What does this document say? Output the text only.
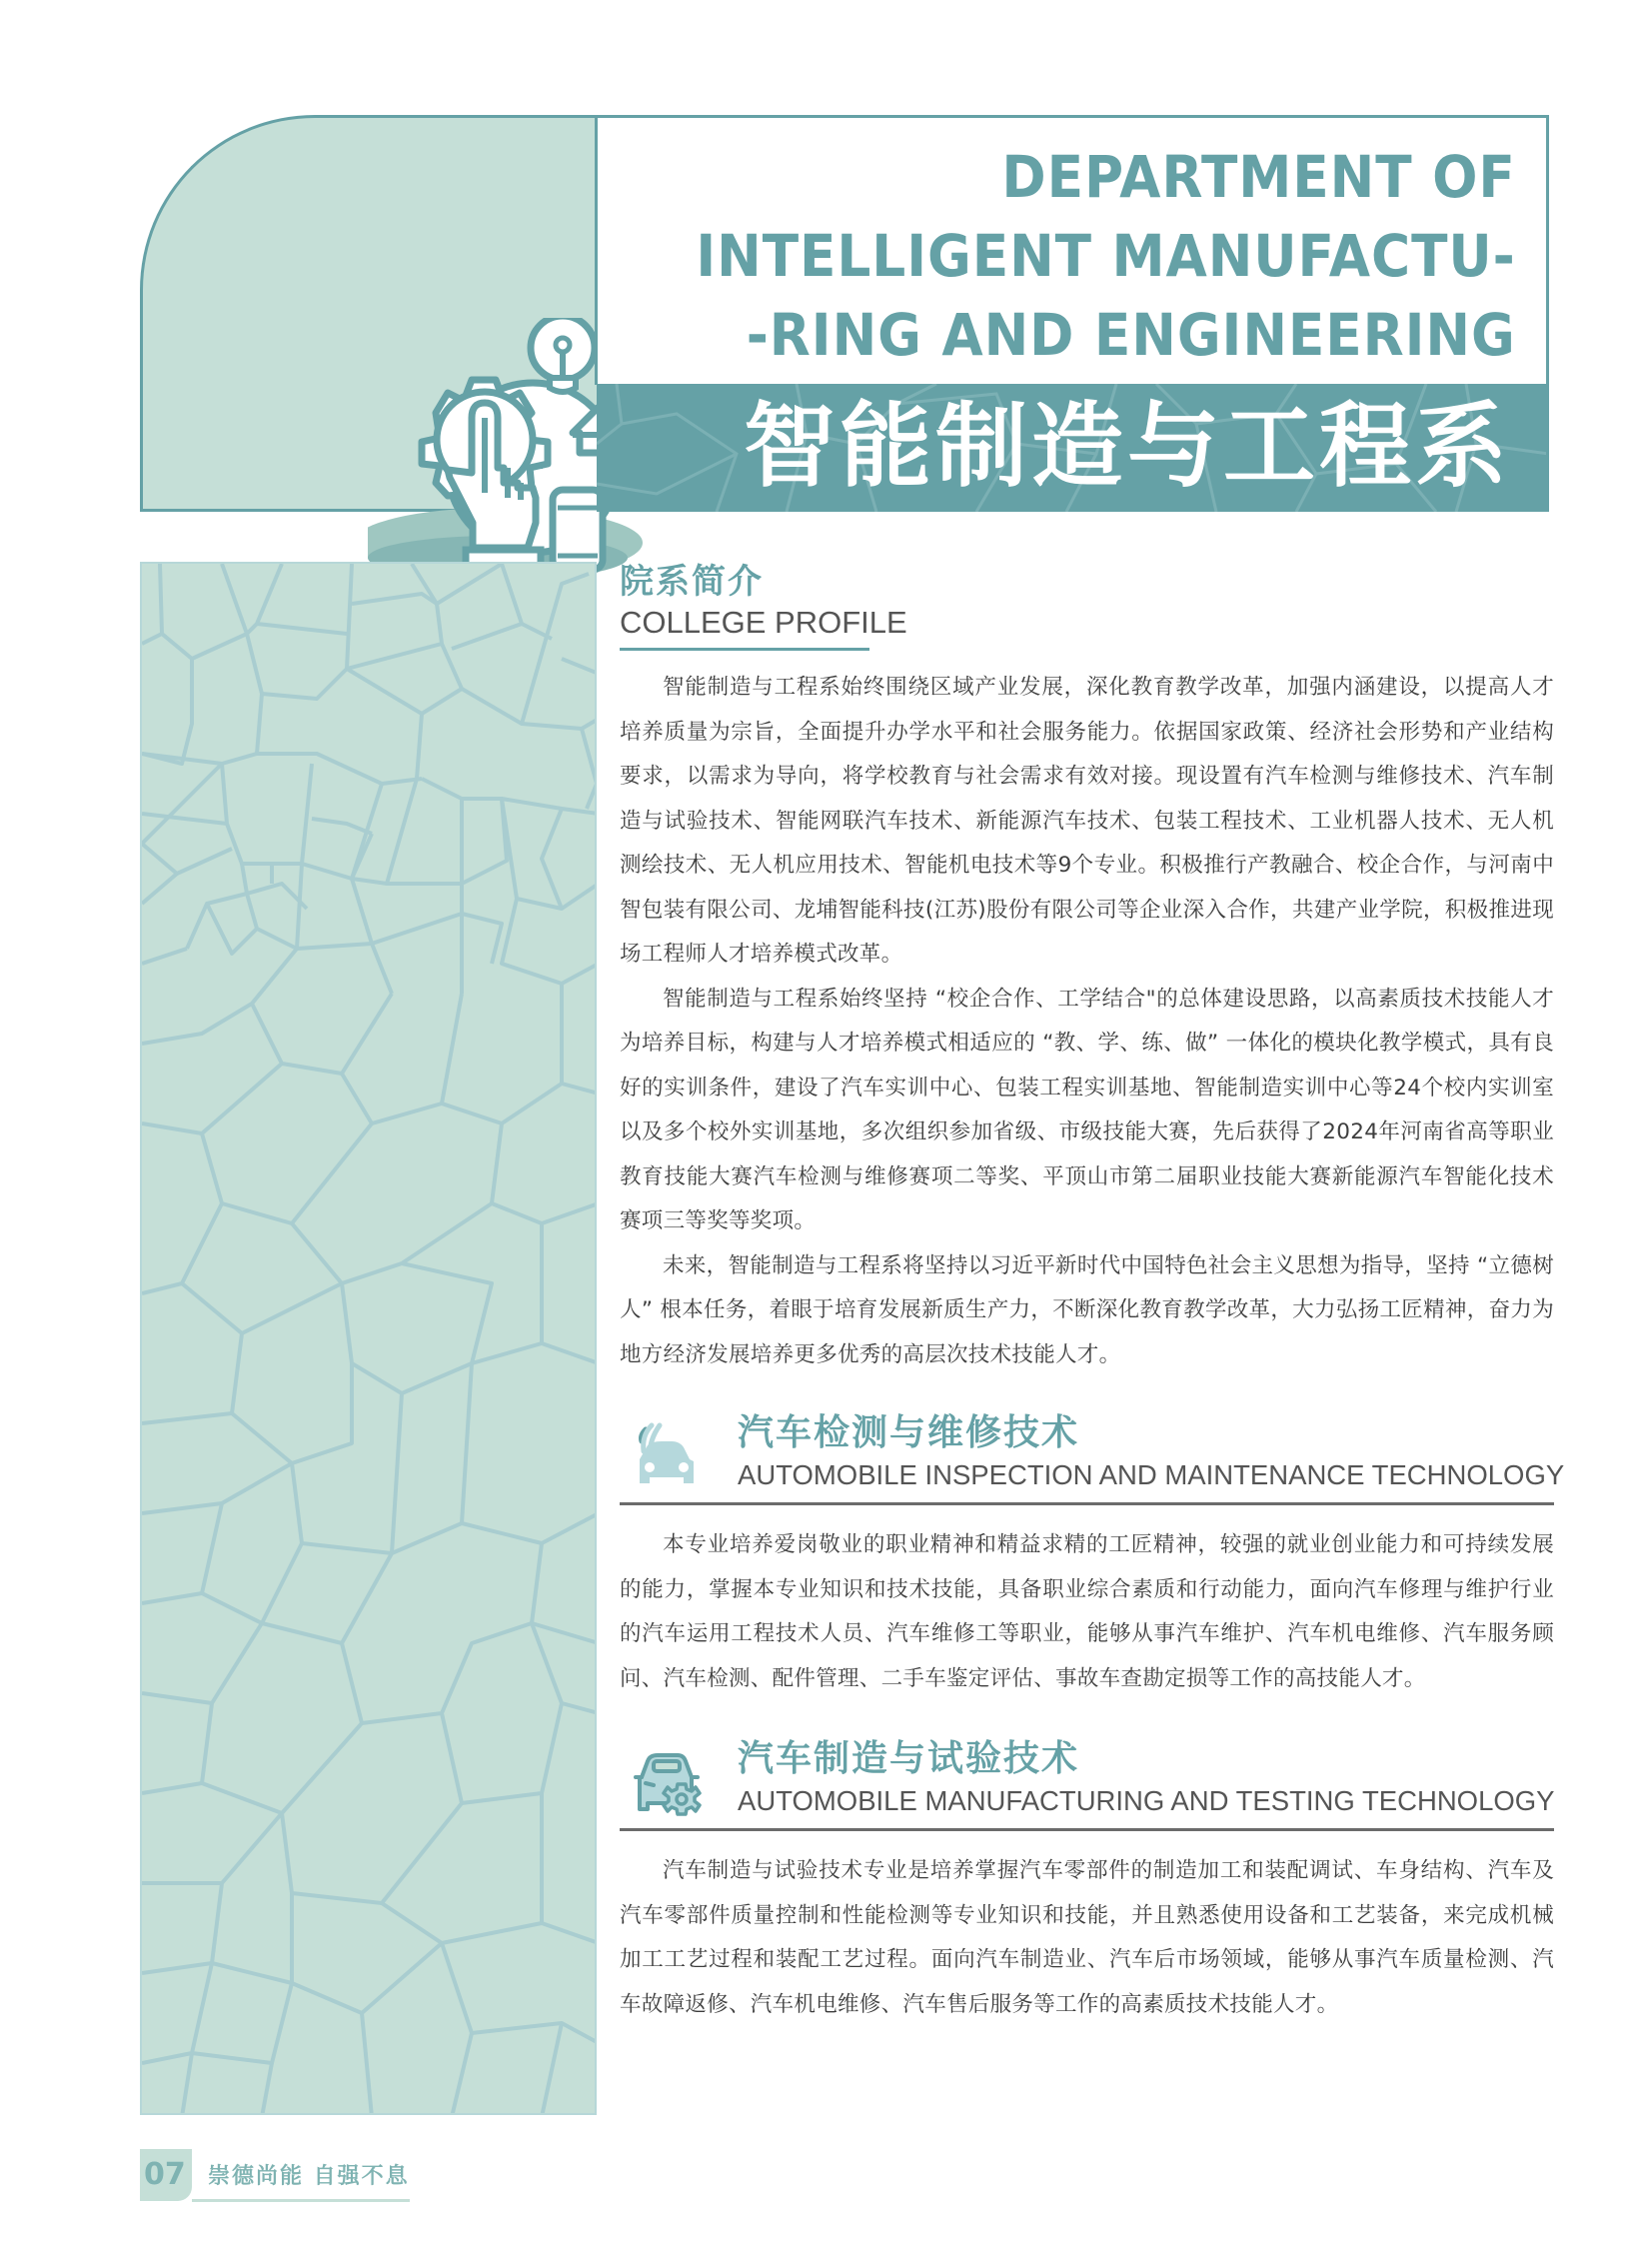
DEPARTMENT OF
INTELLIGENT MANUFACTU-
-RING AND ENGINEERING
智能制造与工程系
院系简介
COLLEGE PROFILE

智能制造与工程系始终围绕区域产业发展，深化教育教学改革，加强内涵建设，以提高人才培养质量为宗旨，全面提升办学水平和社会服务能力。依据国家政策、经济社会形势和产业结构要求，以需求为导向，将学校教育与社会需求有效对接。现设置有汽车检测与维修技术、汽车制造与试验技术、智能网联汽车技术、新能源汽车技术、包装工程技术、工业机器人技术、无人机测绘技术、无人机应用技术、智能机电技术等9个专业。积极推行产教融合、校企合作，与河南中智包装有限公司、龙埔智能科技(江苏)股份有限公司等企业深入合作，共建产业学院，积极推进现场工程师人才培养模式改革。

智能制造与工程系始终坚持 “校企合作、工学结合"的总体建设思路，以高素质技术技能人才为培养目标，构建与人才培养模式相适应的 “教、学、练、做” 一体化的模块化教学模式，具有良好的实训条件，建设了汽车实训中心、包装工程实训基地、智能制造实训中心等24个校内实训室以及多个校外实训基地，多次组织参加省级、市级技能大赛，先后获得了2024年河南省高等职业教育技能大赛汽车检测与维修赛项二等奖、平顶山市第二届职业技能大赛新能源汽车智能化技术赛项三等奖等奖项。

未来，智能制造与工程系将坚持以习近平新时代中国特色社会主义思想为指导，坚持 “立德树人” 根本任务，着眼于培育发展新质生产力，不断深化教育教学改革，大力弘扬工匠精神，奋力为地方经济发展培养更多优秀的高层次技术技能人才。

汽车检测与维修技术
AUTOMOBILE INSPECTION AND MAINTENANCE TECHNOLOGY

本专业培养爱岗敬业的职业精神和精益求精的工匠精神，较强的就业创业能力和可持续发展的能力，掌握本专业知识和技术技能，具备职业综合素质和行动能力，面向汽车修理与维护行业的汽车运用工程技术人员、汽车维修工等职业，能够从事汽车维护、汽车机电维修、汽车服务顾问、汽车检测、配件管理、二手车鉴定评估、事故车查勘定损等工作的高技能人才。

汽车制造与试验技术
AUTOMOBILE MANUFACTURING AND TESTING TECHNOLOGY

汽车制造与试验技术专业是培养掌握汽车零部件的制造加工和装配调试、车身结构、汽车及汽车零部件质量控制和性能检测等专业知识和技能，并且熟悉使用设备和工艺装备，来完成机械加工工艺过程和装配工艺过程。面向汽车制造业、汽车后市场领域，能够从事汽车质量检测、汽车故障返修、汽车机电维修、汽车售后服务等工作的高素质技术技能人才。

07 崇德尚能 自强不息
